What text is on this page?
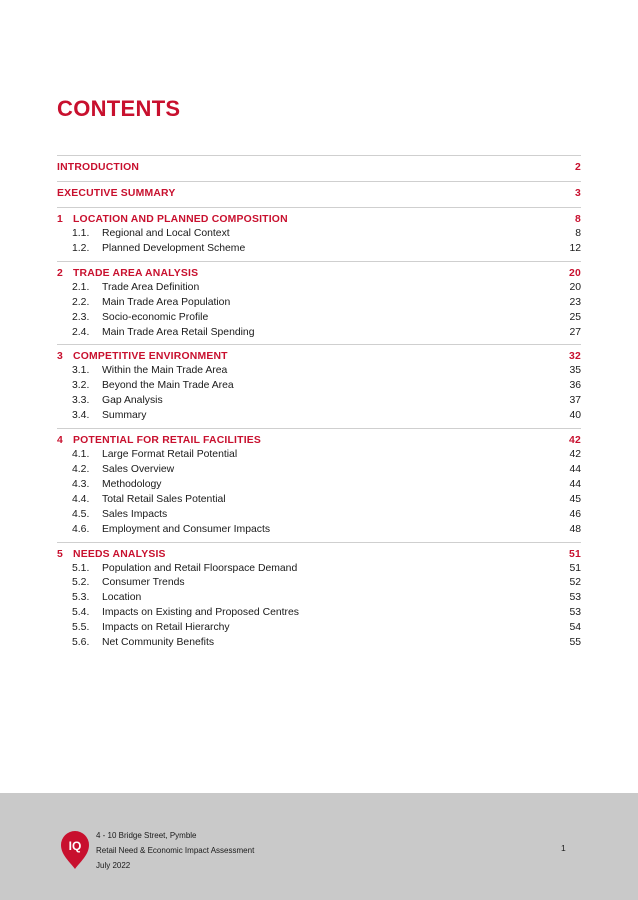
CONTENTS
INTRODUCTION	2
EXECUTIVE SUMMARY	3
1 LOCATION AND PLANNED COMPOSITION	8
1.1.	Regional and Local Context	8
1.2.	Planned Development Scheme	12
2 TRADE AREA ANALYSIS	20
2.1.	Trade Area Definition	20
2.2.	Main Trade Area Population	23
2.3.	Socio-economic Profile	25
2.4.	Main Trade Area Retail Spending	27
3 COMPETITIVE ENVIRONMENT	32
3.1.	Within the Main Trade Area	35
3.2.	Beyond the Main Trade Area	36
3.3.	Gap Analysis	37
3.4.	Summary	40
4 POTENTIAL FOR RETAIL FACILITIES	42
4.1.	Large Format Retail Potential	42
4.2.	Sales Overview	44
4.3.	Methodology	44
4.4.	Total Retail Sales Potential	45
4.5.	Sales Impacts	46
4.6.	Employment and Consumer Impacts	48
5 NEEDS ANALYSIS	51
5.1.	Population and Retail Floorspace Demand	51
5.2.	Consumer Trends	52
5.3.	Location	53
5.4.	Impacts on Existing and Proposed Centres	53
5.5.	Impacts on Retail Hierarchy	54
5.6.	Net Community Benefits	55
IQ
4 - 10 Bridge Street, Pymble
Retail Need & Economic Impact Assessment
July 2022
1
